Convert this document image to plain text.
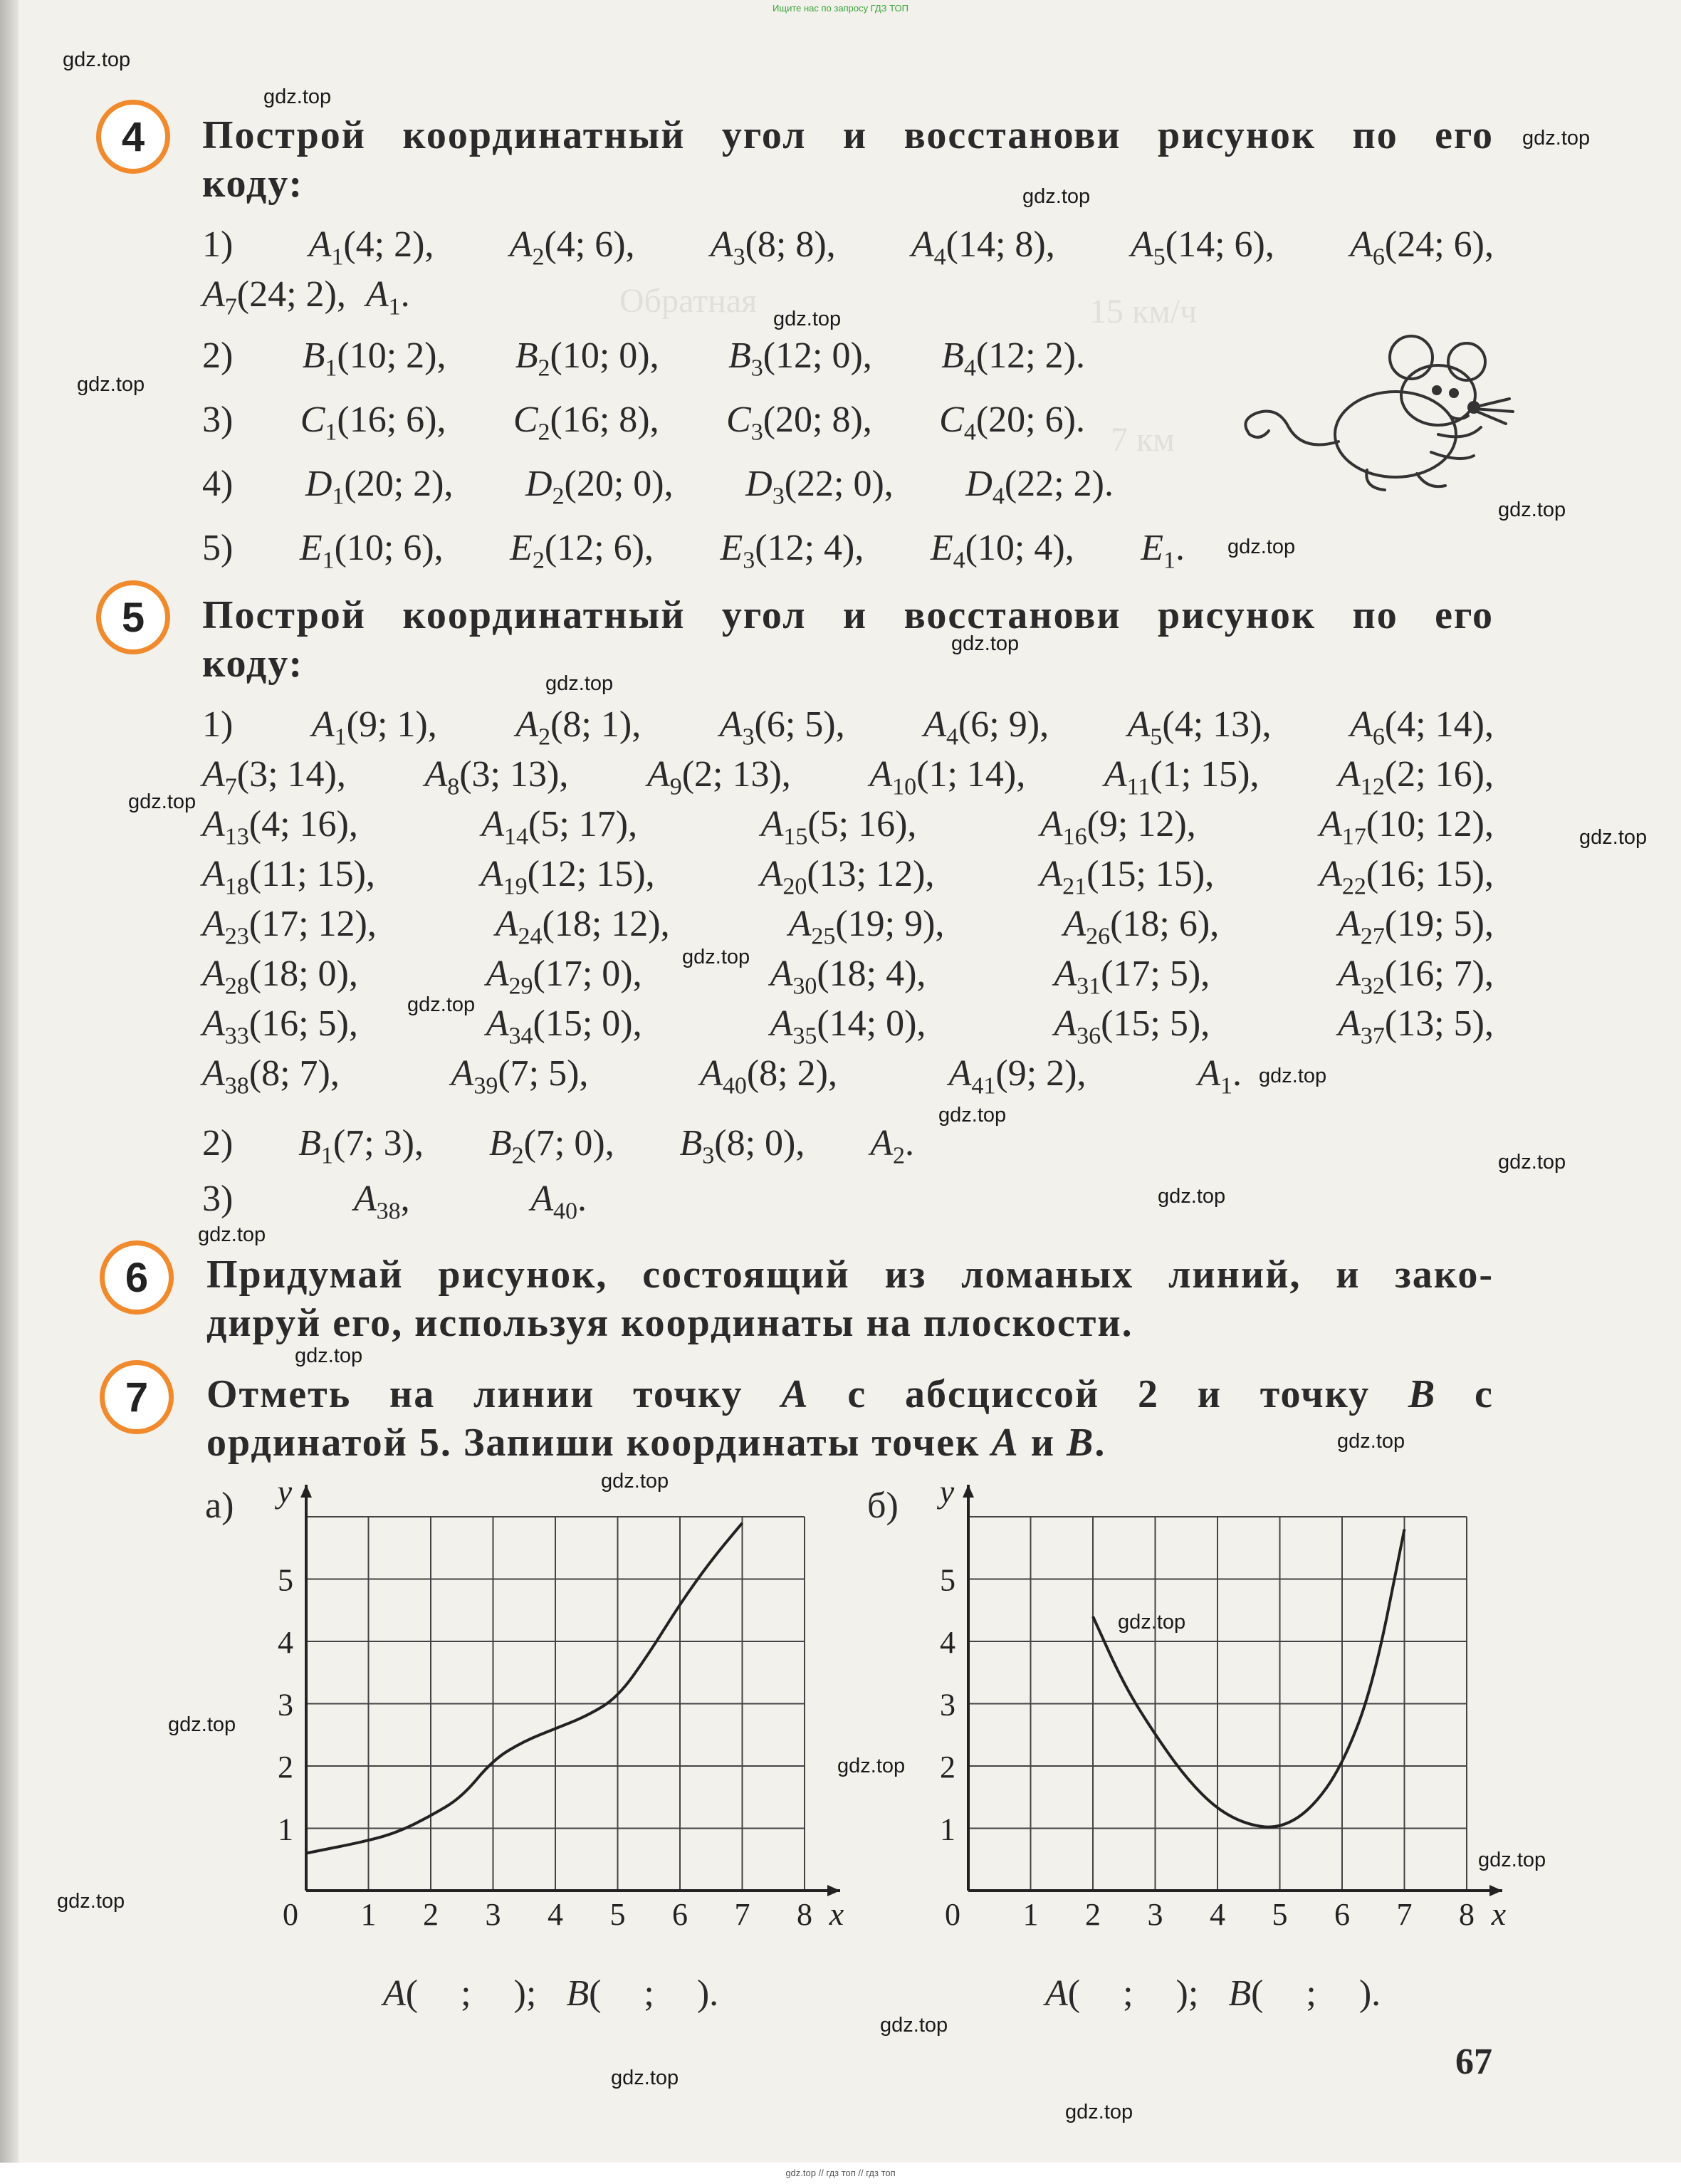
Ищите нас по запросу ГДЗ ТОП
gdz.top // гдз топ // гдз топ
Обратная	15 км/ч
7 км
gdz.top
gdz.top
gdz.top
gdz.top
gdz.top
gdz.top
gdz.top
gdz.top
gdz.top
gdz.top
gdz.top
gdz.top
gdz.top
gdz.top
gdz.top
gdz.top
gdz.top
gdz.top
gdz.top
gdz.top
gdz.top
gdz.top
gdz.top
gdz.top
gdz.top
gdz.top
gdz.top
gdz.top
gdz.top
gdz.top
4	Построй координатный угол и восстанови рисунок по его
коду:
1) $A_1(4$; 2), $A_2(4$; 6), $A_3(8$; 8), $A_4(14$; 8), $A_5(14$; 6), $A_6(24$; 6),
$A_7(24$; 2), $A_1$.
2) $B_1(10$; 2), $B_2(10$; 0), $B_3(12$; 0), $B_4(12$; 2).
3) $C_1(16$; 6), $C_2(16$; 8), $C_3(20$; 8), $C_4(20$; 6).
4) $D_1(20$; 2), $D_2(20$; 0), $D_3(22$; 0), $D_4(22$; 2).
5) $E_1(10$; 6), $E_2(12$; 6), $E_3(12$; 4), $E_4(10$; 4), $E_1$.
5	Построй координатный угол и восстанови рисунок по его
коду:
1) $A_1(9$; 1), $A_2(8$; 1), $A_3(6$; 5), $A_4(6$; 9), $A_5(4$; 13), $A_6(4$; 14),
$A_7(3$; 14), $A_8(3$; 13), $A_9(2$; 13), $A_{10}(1$; 14), $A_{11}(1$; 15), $A_{12}(2$; 16),
$A_{13}(4$; 16),	$A_{14}(5$; 17),	$A_{15}(5$; 16),	$A_{16}(9$; 12),	$A_{17}(10$; 12),
$A_{18}(11$; 15),	$A_{19}(12$; 15),	$A_{20}(13$; 12),	$A_{21}(15$; 15),	$A_{22}(16$; 15),
$A_{23}(17$; 12),	$A_{24}(18$; 12),	$A_{25}(19$; 9),	$A_{26}(18$; 6),	$A_{27}(19$; 5),
$A_{28}(18$; 0),	$A_{29}(17$; 0),	$A_{30}(18$; 4),	$A_{31}(17$; 5),	$A_{32}(16$; 7),
$A_{33}(16$; 5),	$A_{34}(15$; 0),	$A_{35}(14$; 0),	$A_{36}(15$; 5),	$A_{37}(13$; 5),
$A_{38}(8$; 7),	$A_{39}(7$; 5),	$A_{40}(8$; 2),	$A_{41}(9$; 2),	$A_1$.
2) $B_1(7$; 3), $B_2(7$; 0), $B_3(8$; 0), $A_2$.
3)	$A_{38}$,	$A_{40}$.
6	Придумай рисунок, состоящий из ломаных линий, и зако-
дируй его, используя координаты на плоскости.
7	Отметь на линии точку A с абсциссой 2 и точку B с
ординатой 5. Запиши координаты точек A и B.
а)	б)
0 1 2 3 4 5 6 7 8
1
2
3
4
5
x
y
0 1 2 3 4 5 6 7 8
1
2
3
4
5
x
y
A( ; ); B( ; ).	A( ; ); B( ; ).
67
